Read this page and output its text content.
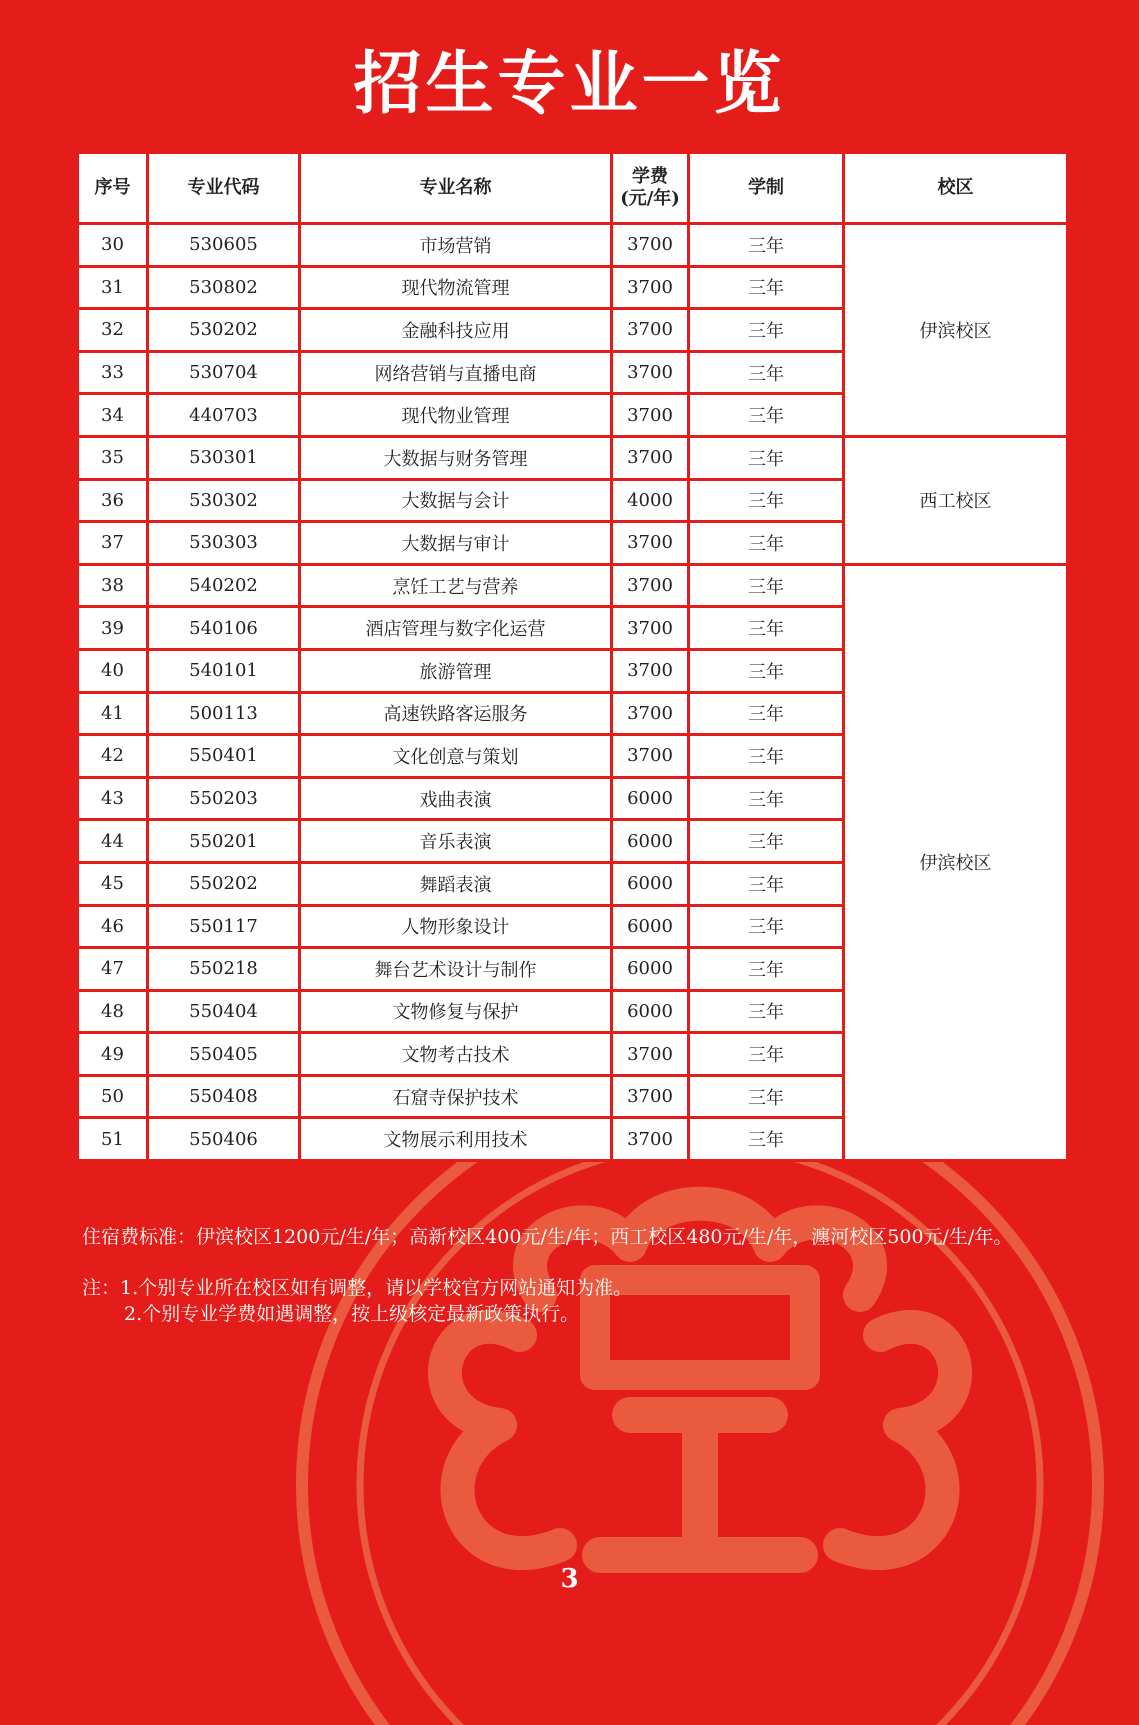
招生专业一览
序号	专业代码	专业名称	学费
(元/年)	学制	校区
30	530605	市场营销	3700	三年	伊滨校区
31	530802	现代物流管理	3700	三年	
32	530202	金融科技应用	3700	三年	
33	530704	网络营销与直播电商	3700	三年	
34	440703	现代物业管理	3700	三年	
35	530301	大数据与财务管理	3700	三年	西工校区
36	530302	大数据与会计	4000	三年	
37	530303	大数据与审计	3700	三年	
38	540202	烹饪工艺与营养	3700	三年	伊滨校区
39	540106	酒店管理与数字化运营	3700	三年	
40	540101	旅游管理	3700	三年	
41	500113	高速铁路客运服务	3700	三年	
42	550401	文化创意与策划	3700	三年	
43	550203	戏曲表演	6000	三年	
44	550201	音乐表演	6000	三年	
45	550202	舞蹈表演	6000	三年	
46	550117	人物形象设计	6000	三年	
47	550218	舞台艺术设计与制作	6000	三年	
48	550404	文物修复与保护	6000	三年	
49	550405	文物考古技术	3700	三年	
50	550408	石窟寺保护技术	3700	三年	
51	550406	文物展示利用技术	3700	三年	
住宿费标准：伊滨校区1200元/生/年；高新校区400元/生/年；西工校区480元/生/年，瀍河校区500元/生/年。
注：1.个别专业所在校区如有调整，请以学校官方网站通知为准。
2.个别专业学费如遇调整，按上级核定最新政策执行。
3
